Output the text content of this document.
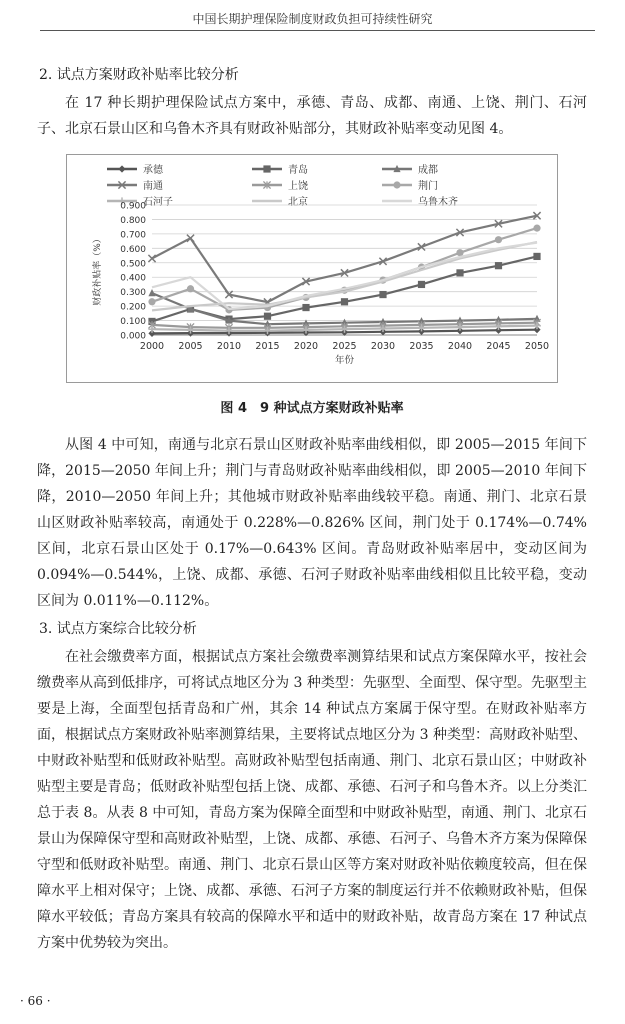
中国长期护理保险制度财政负担可持续性研究

2. 试点方案财政补贴率比较分析

在 17 种长期护理保险试点方案中，承德、青岛、成都、南通、上饶、荆门、石河子、北京石景山区和乌鲁木齐具有财政补贴部分，其财政补贴率变动见图 4。

承德	青岛	成都
南通	上饶	荆门
石河子	北京	乌鲁木齐
0.000
0.100
0.200
0.300
0.400
0.500
0.600
0.700
0.800
0.900
2000 2005 2010 2015 2020 2025 2030 2035 2040 2045 2050
年份
财政补贴率（%）
图 4　9 种试点方案财政补贴率

从图 4 中可知，南通与北京石景山区财政补贴率曲线相似，即 2005—2015 年间下降，2015—2050 年间上升；荆门与青岛财政补贴率曲线相似，即 2005—2010 年间下降，2010—2050 年间上升；其他城市财政补贴率曲线较平稳。南通、荆门、北京石景山区财政补贴率较高，南通处于 0.228%—0.826% 区间，荆门处于 0.174%—0.74% 区间，北京石景山区处于 0.17%—0.643% 区间。青岛财政补贴率居中，变动区间为 0.094%—0.544%，上饶、成都、承德、石河子财政补贴率曲线相似且比较平稳，变动区间为 0.011%—0.112%。

3. 试点方案综合比较分析

在社会缴费率方面，根据试点方案社会缴费率测算结果和试点方案保障水平，按社会缴费率从高到低排序，可将试点地区分为 3 种类型：先驱型、全面型、保守型。先驱型主要是上海，全面型包括青岛和广州，其余 14 种试点方案属于保守型。在财政补贴率方面，根据试点方案财政补贴率测算结果，主要将试点地区分为 3 种类型：高财政补贴型、中财政补贴型和低财政补贴型。高财政补贴型包括南通、荆门、北京石景山区；中财政补贴型主要是青岛；低财政补贴型包括上饶、成都、承德、石河子和乌鲁木齐。以上分类汇总于表 8。从表 8 中可知，青岛方案为保障全面型和中财政补贴型，南通、荆门、北京石景山为保障保守型和高财政补贴型，上饶、成都、承德、石河子、乌鲁木齐方案为保障保守型和低财政补贴型。南通、荆门、北京石景山区等方案对财政补贴依赖度较高，但在保障水平上相对保守；上饶、成都、承德、石河子方案的制度运行并不依赖财政补贴，但保障水平较低；青岛方案具有较高的保障水平和适中的财政补贴，故青岛方案在 17 种试点方案中优势较为突出。

· 66 ·
